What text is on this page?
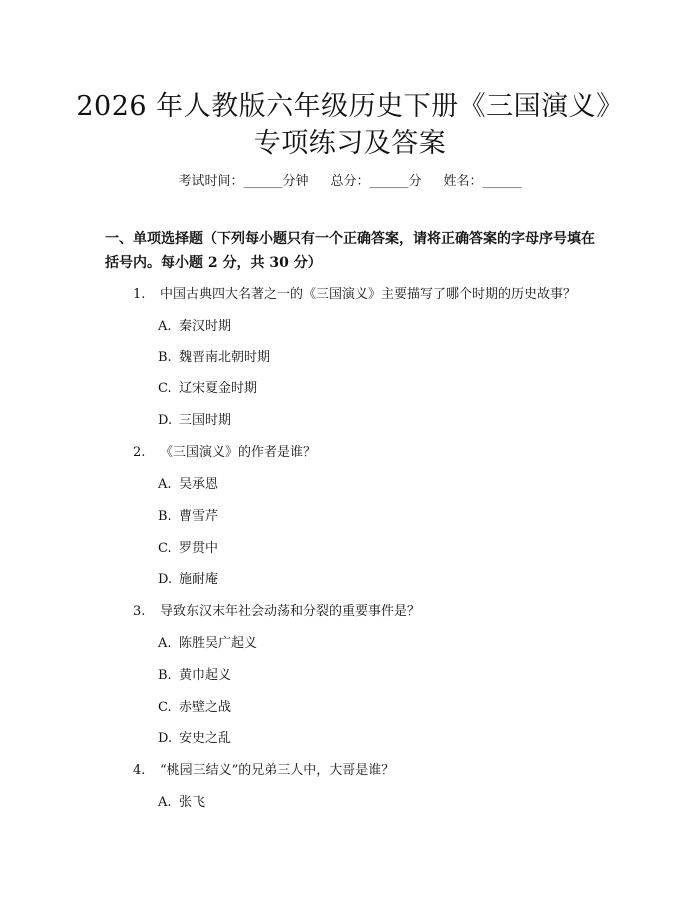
2026 年人教版六年级历史下册《三国演义》
专项练习及答案
考试时间：______分钟 总分：______分 姓名：______

一、单项选择题（下列每小题只有一个正确答案，请将正确答案的字母序号填在括号内。每小题 2 分，共 30 分）

1. 中国古典四大名著之一的《三国演义》主要描写了哪个时期的历史故事？
A. 秦汉时期
B. 魏晋南北朝时期
C. 辽宋夏金时期
D. 三国时期
2. 《三国演义》的作者是谁？
A. 吴承恩
B. 曹雪芹
C. 罗贯中
D. 施耐庵
3. 导致东汉末年社会动荡和分裂的重要事件是？
A. 陈胜吴广起义
B. 黄巾起义
C. 赤壁之战
D. 安史之乱
4. “桃园三结义”的兄弟三人中，大哥是谁？
A. 张飞
